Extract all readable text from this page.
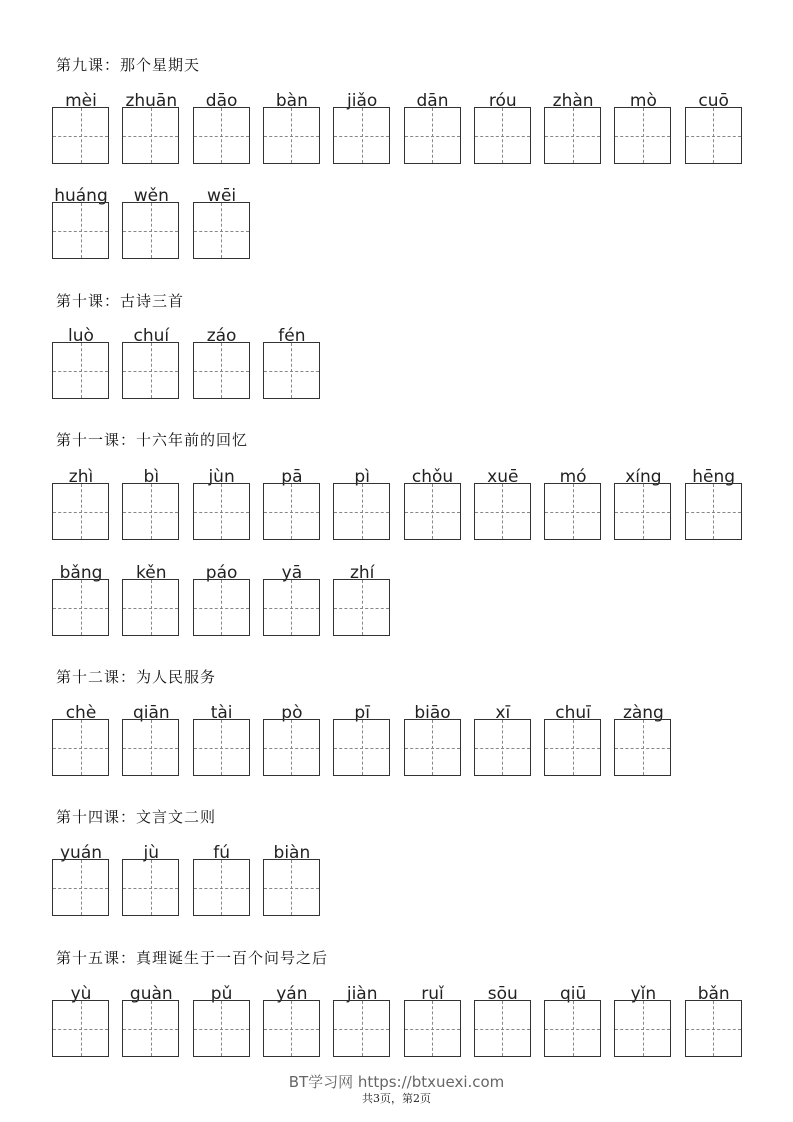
第九课：那个星期天
mèi	zhuān	dāo	bàn	jiǎo	dān	róu	zhàn	mò	cuō
huáng	wěn	wēi
第十课：古诗三首
luò	chuí	záo	fén
第十一课：十六年前的回忆
zhì	bì	jùn	pā	pì	chǒu	xuē	mó	xíng	hēng
bǎng	kěn	páo	yā	zhí
第十二课：为人民服务
chè	qiān	tài	pò	pī	biāo	xī	chuī	zàng
第十四课：文言文二则
yuán	jù	fú	biàn
第十五课：真理诞生于一百个问号之后
yù	guàn	pǔ	yán	jiàn	ruǐ	sōu	qiū	yǐn	bǎn
BT学习网 https://btxuexi.com
共3页，第2页
